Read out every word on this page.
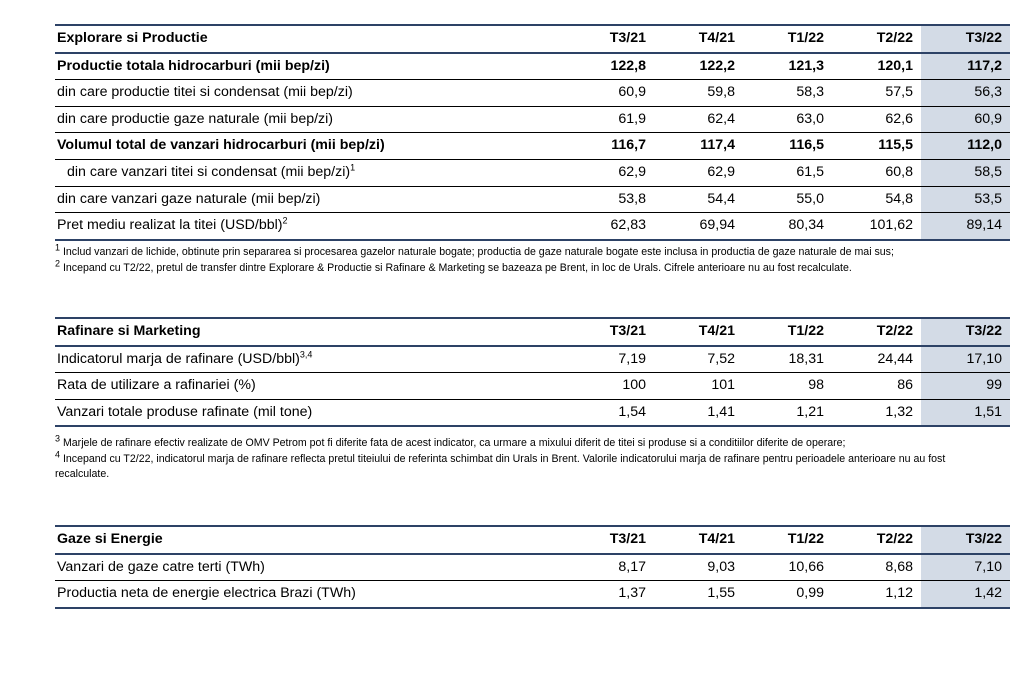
Explorare si Productie	T3/21	T4/21	T1/22	T2/22	T3/22
Productie totala hidrocarburi (mii bep/zi)	122,8	122,2	121,3	120,1	117,2
din care productie titei si condensat (mii bep/zi)	60,9	59,8	58,3	57,5	56,3
din care productie gaze naturale (mii bep/zi)	61,9	62,4	63,0	62,6	60,9
Volumul total de vanzari hidrocarburi (mii bep/zi)	116,7	117,4	116,5	115,5	112,0
din care vanzari titei si condensat (mii bep/zi)$^1$	62,9	62,9	61,5	60,8	58,5
din care vanzari gaze naturale (mii bep/zi)	53,8	54,4	55,0	54,8	53,5
Pret mediu realizat la titei $(USD/bbl)^2$	62,83	69,94	80,34	101,62	89,14

$^1$ Includ vanzari de lichide, obtinute prin separarea si procesarea gazelor naturale bogate; productia de gaze naturale bogate este inclusa in productia de gaze naturale de mai sus;

$^2$ Incepand cu T2/22, pretul de transfer dintre Explorare & Productie si Rafinare & Marketing se bazeaza pe Brent, in loc de Urals. Cifrele anterioare nu au fost recalculate.

Rafinare si Marketing	T3/21	T4/21	T1/22	T2/22	T3/22
Indicatorul marja de rafinare $(USD/bbl)^{3,4}$	7,19	7,52	18,31	24,44	17,10
Rata de utilizare a rafinariei (%)	100	101	98	86	99
Vanzari totale produse rafinate (mil tone)	1,54	1,41	1,21	1,32	1,51

$^3$ Marjele de rafinare efectiv realizate de OMV Petrom pot fi diferite fata de acest indicator, ca urmare a mixului diferit de titei si produse si a conditiilor diferite de operare;

$^4$ Incepand cu T2/22, indicatorul marja de rafinare reflecta pretul titeiului de referinta schimbat din Urals in Brent. Valorile indicatorului marja de rafinare pentru perioadele anterioare nu au fost recalculate.

Gaze si Energie	T3/21	T4/21	T1/22	T2/22	T3/22
Vanzari de gaze catre terti (TWh)	8,17	9,03	10,66	8,68	7,10
Productia neta de energie electrica Brazi (TWh)	1,37	1,55	0,99	1,12	1,42
